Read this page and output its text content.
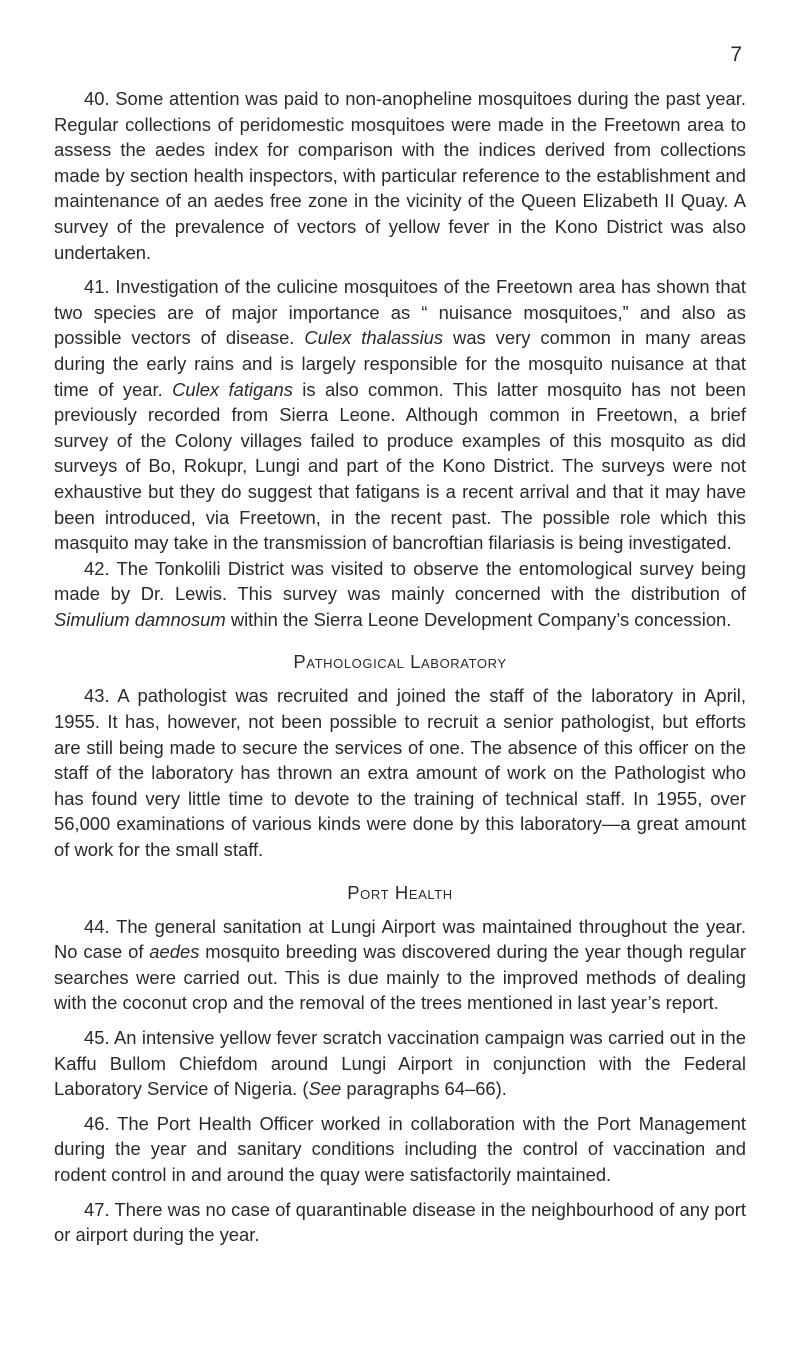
7

40. Some attention was paid to non-anopheline mosquitoes during the past year. Regular collections of peridomestic mosquitoes were made in the Freetown area to assess the aedes index for comparison with the indices derived from collections made by section health inspectors, with particular reference to the establishment and maintenance of an aedes free zone in the vicinity of the Queen Elizabeth II Quay. A survey of the prevalence of vectors of yellow fever in the Kono District was also undertaken.

41. Investigation of the culicine mosquitoes of the Freetown area has shown that two species are of major importance as “ nuisance mosquitoes,” and also as possible vectors of disease. Culex thalassius was very common in many areas during the early rains and is largely responsible for the mosquito nuisance at that time of year. Culex fatigans is also common. This latter mosquito has not been previously recorded from Sierra Leone. Although common in Freetown, a brief survey of the Colony villages failed to produce examples of this mosquito as did surveys of Bo, Rokupr, Lungi and part of the Kono District. The surveys were not exhaustive but they do suggest that fatigans is a recent arrival and that it may have been introduced, via Freetown, in the recent past. The possible role which this masquito may take in the transmission of bancroftian filariasis is being investigated.

42. The Tonkolili District was visited to observe the entomological survey being made by Dr. Lewis. This survey was mainly concerned with the distribution of Simulium damnosum within the Sierra Leone Development Company’s concession.

Pathological Laboratory

43. A pathologist was recruited and joined the staff of the laboratory in April, 1955. It has, however, not been possible to recruit a senior pathologist, but efforts are still being made to secure the services of one. The absence of this officer on the staff of the laboratory has thrown an extra amount of work on the Pathologist who has found very little time to devote to the training of technical staff. In 1955, over 56,000 examinations of various kinds were done by this laboratory—a great amount of work for the small staff.

Port Health

44. The general sanitation at Lungi Airport was maintained throughout the year. No case of aedes mosquito breeding was discovered during the year though regular searches were carried out. This is due mainly to the improved methods of dealing with the coconut crop and the removal of the trees mentioned in last year’s report.

45. An intensive yellow fever scratch vaccination campaign was carried out in the Kaffu Bullom Chiefdom around Lungi Airport in conjunction with the Federal Laboratory Service of Nigeria. (See paragraphs 64–66).

46. The Port Health Officer worked in collaboration with the Port Management during the year and sanitary conditions including the control of vaccination and rodent control in and around the quay were satisfactorily maintained.

47. There was no case of quarantinable disease in the neighbourhood of any port or airport during the year.
